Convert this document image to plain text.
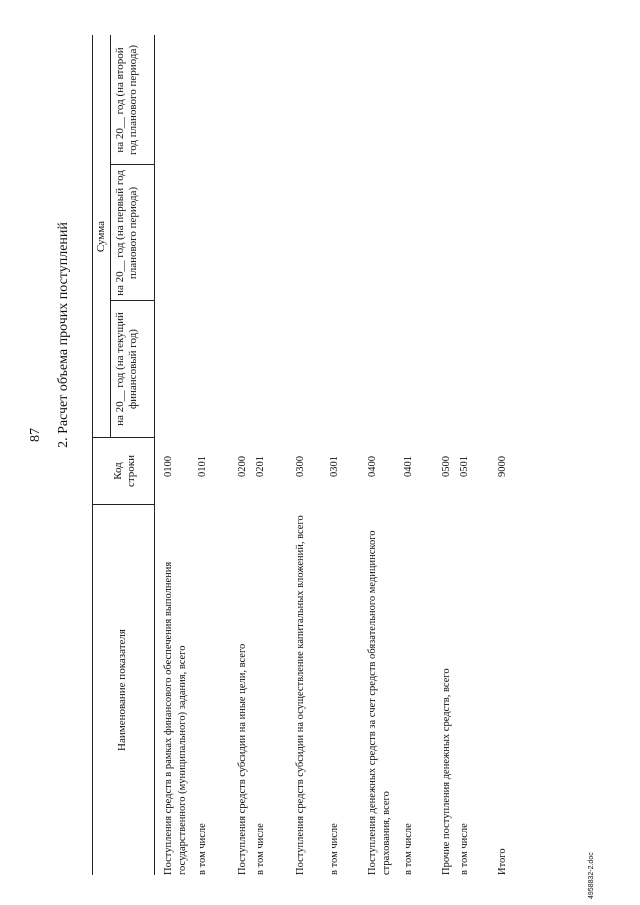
87 2. Расчет объема прочих поступлений
Наименование показателя
Код строки
Сумма
на 20__ год (на текущий финансовый год)
на 20__ год (на первый год планового периода)
на 20__ год (на второй год планового периода)
Поступления средств в рамках финансового обеспечения выполнения государственного (муниципального) задания, всего
0100
в том числе
0101
Поступления средств субсидии на иные цели, всего
0200
в том числе
0201
Поступления средств субсидии на осуществление капитальных вложений, всего
0300
в том числе
0301
Поступления денежных средств за счет средств обязательного медицинского страхования, всего
0400
в том числе
0401
Прочие поступления денежных средств, всего
0500
в том числе
0501
Итого
9000
4958832-2.doc
